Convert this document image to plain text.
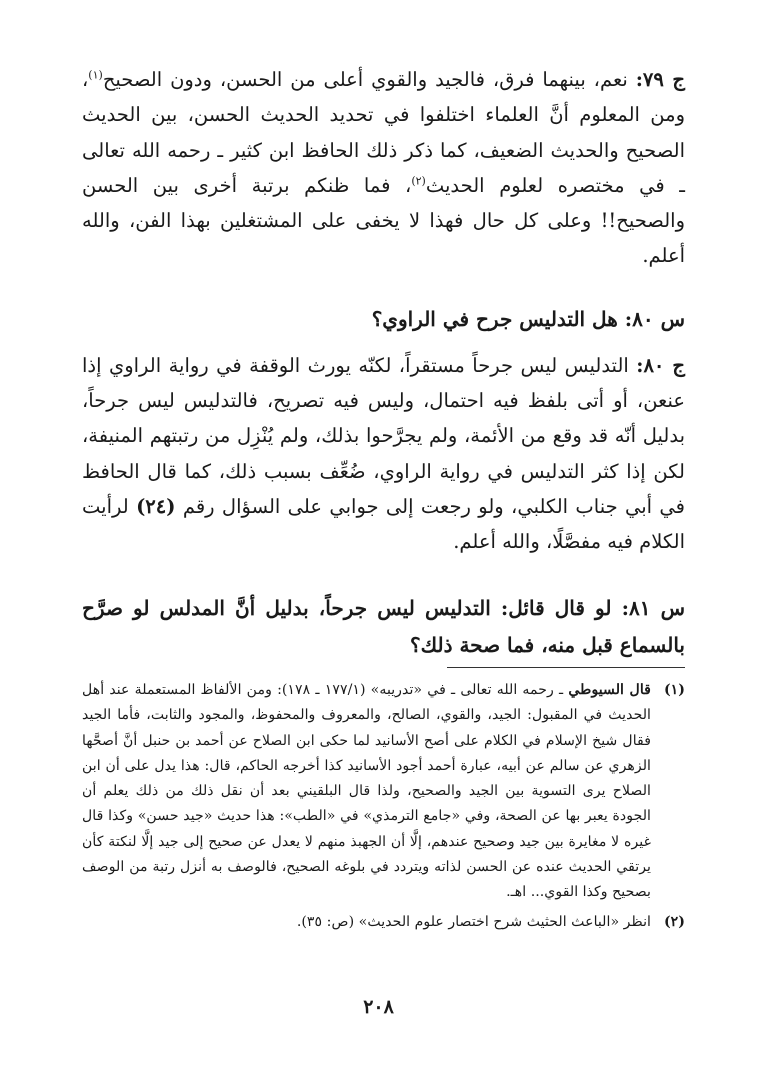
ج ٧٩: نعم، بينهما فرق، فالجيد والقوي أعلى من الحسن، ودون الصحيح$^{(١)}$، ومن المعلوم أنَّ العلماء اختلفوا في تحديد الحديث الحسن، بين الحديث الصحيح والحديث الضعيف، كما ذكر ذلك الحافظ ابن كثير ـ رحمه الله تعالى ـ في مختصره لعلوم الحديث$^{(٢)}$، فما ظنكم برتبة أخرى بين الحسن والصحيح!! وعلى كل حال فهذا لا يخفى على المشتغلين بهذا الفن، والله أعلم.

س ٨٠: هل التدليس جرح في الراوي؟

ج ٨٠: التدليس ليس جرحاً مستقراً، لكنّه يورث الوقفة في رواية الراوي إذا عنعن، أو أتى بلفظ فيه احتمال، وليس فيه تصريح، فالتدليس ليس جرحاً، بدليل أنّه قد وقع من الأئمة، ولم يجرَّحوا بذلك، ولم يُنْزِل من رتبتهم المنيفة، لكن إذا كثر التدليس في رواية الراوي، ضُعِّف بسبب ذلك، كما قال الحافظ في أبي جناب الكلبي، ولو رجعت إلى جوابي على السؤال رقم (٢٤) لرأيت الكلام فيه مفصَّلًا، والله أعلم.

س ٨١: لو قال قائل: التدليس ليس جرحاً، بدليل أنَّ المدلس لو صرَّح بالسماع قبل منه، فما صحة ذلك؟

(١)
قال السيوطي ـ رحمه الله تعالى ـ في «تدريبه» (١٧٧/١ ـ ١٧٨): ومن الألفاظ المستعملة عند أهل الحديث في المقبول: الجيد، والقوي، الصالح، والمعروف والمحفوظ، والمجود والثابت، فأما الجيد فقال شيخ الإسلام في الكلام على أصح الأسانيد لما حكى ابن الصلاح عن أحمد بن حنبل أنَّ أصحَّها الزهري عن سالم عن أبيه، عبارة أحمد أجود الأسانيد كذا أخرجه الحاكم، قال: هذا يدل على أن ابن الصلاح يرى التسوية بين الجيد والصحيح، ولذا قال البلقيني بعد أن نقل ذلك من ذلك يعلم أن الجودة يعبر بها عن الصحة، وفي «جامع الترمذي» في «الطب»: هذا حديث «جيد حسن» وكذا قال غيره لا مغايرة بين جيد وصحيح عندهم، إلَّا أن الجهبذ منهم لا يعدل عن صحيح إلى جيد إلَّا لنكتة كأن يرتقي الحديث عنده عن الحسن لذاته ويتردد في بلوغه الصحيح، فالوصف به أنزل رتبة من الوصف بصحيح وكذا القوي... اهـ.
(٢)
انظر «الباعث الحثيث شرح اختصار علوم الحديث» (ص: ٣٥).
٢٠٨
